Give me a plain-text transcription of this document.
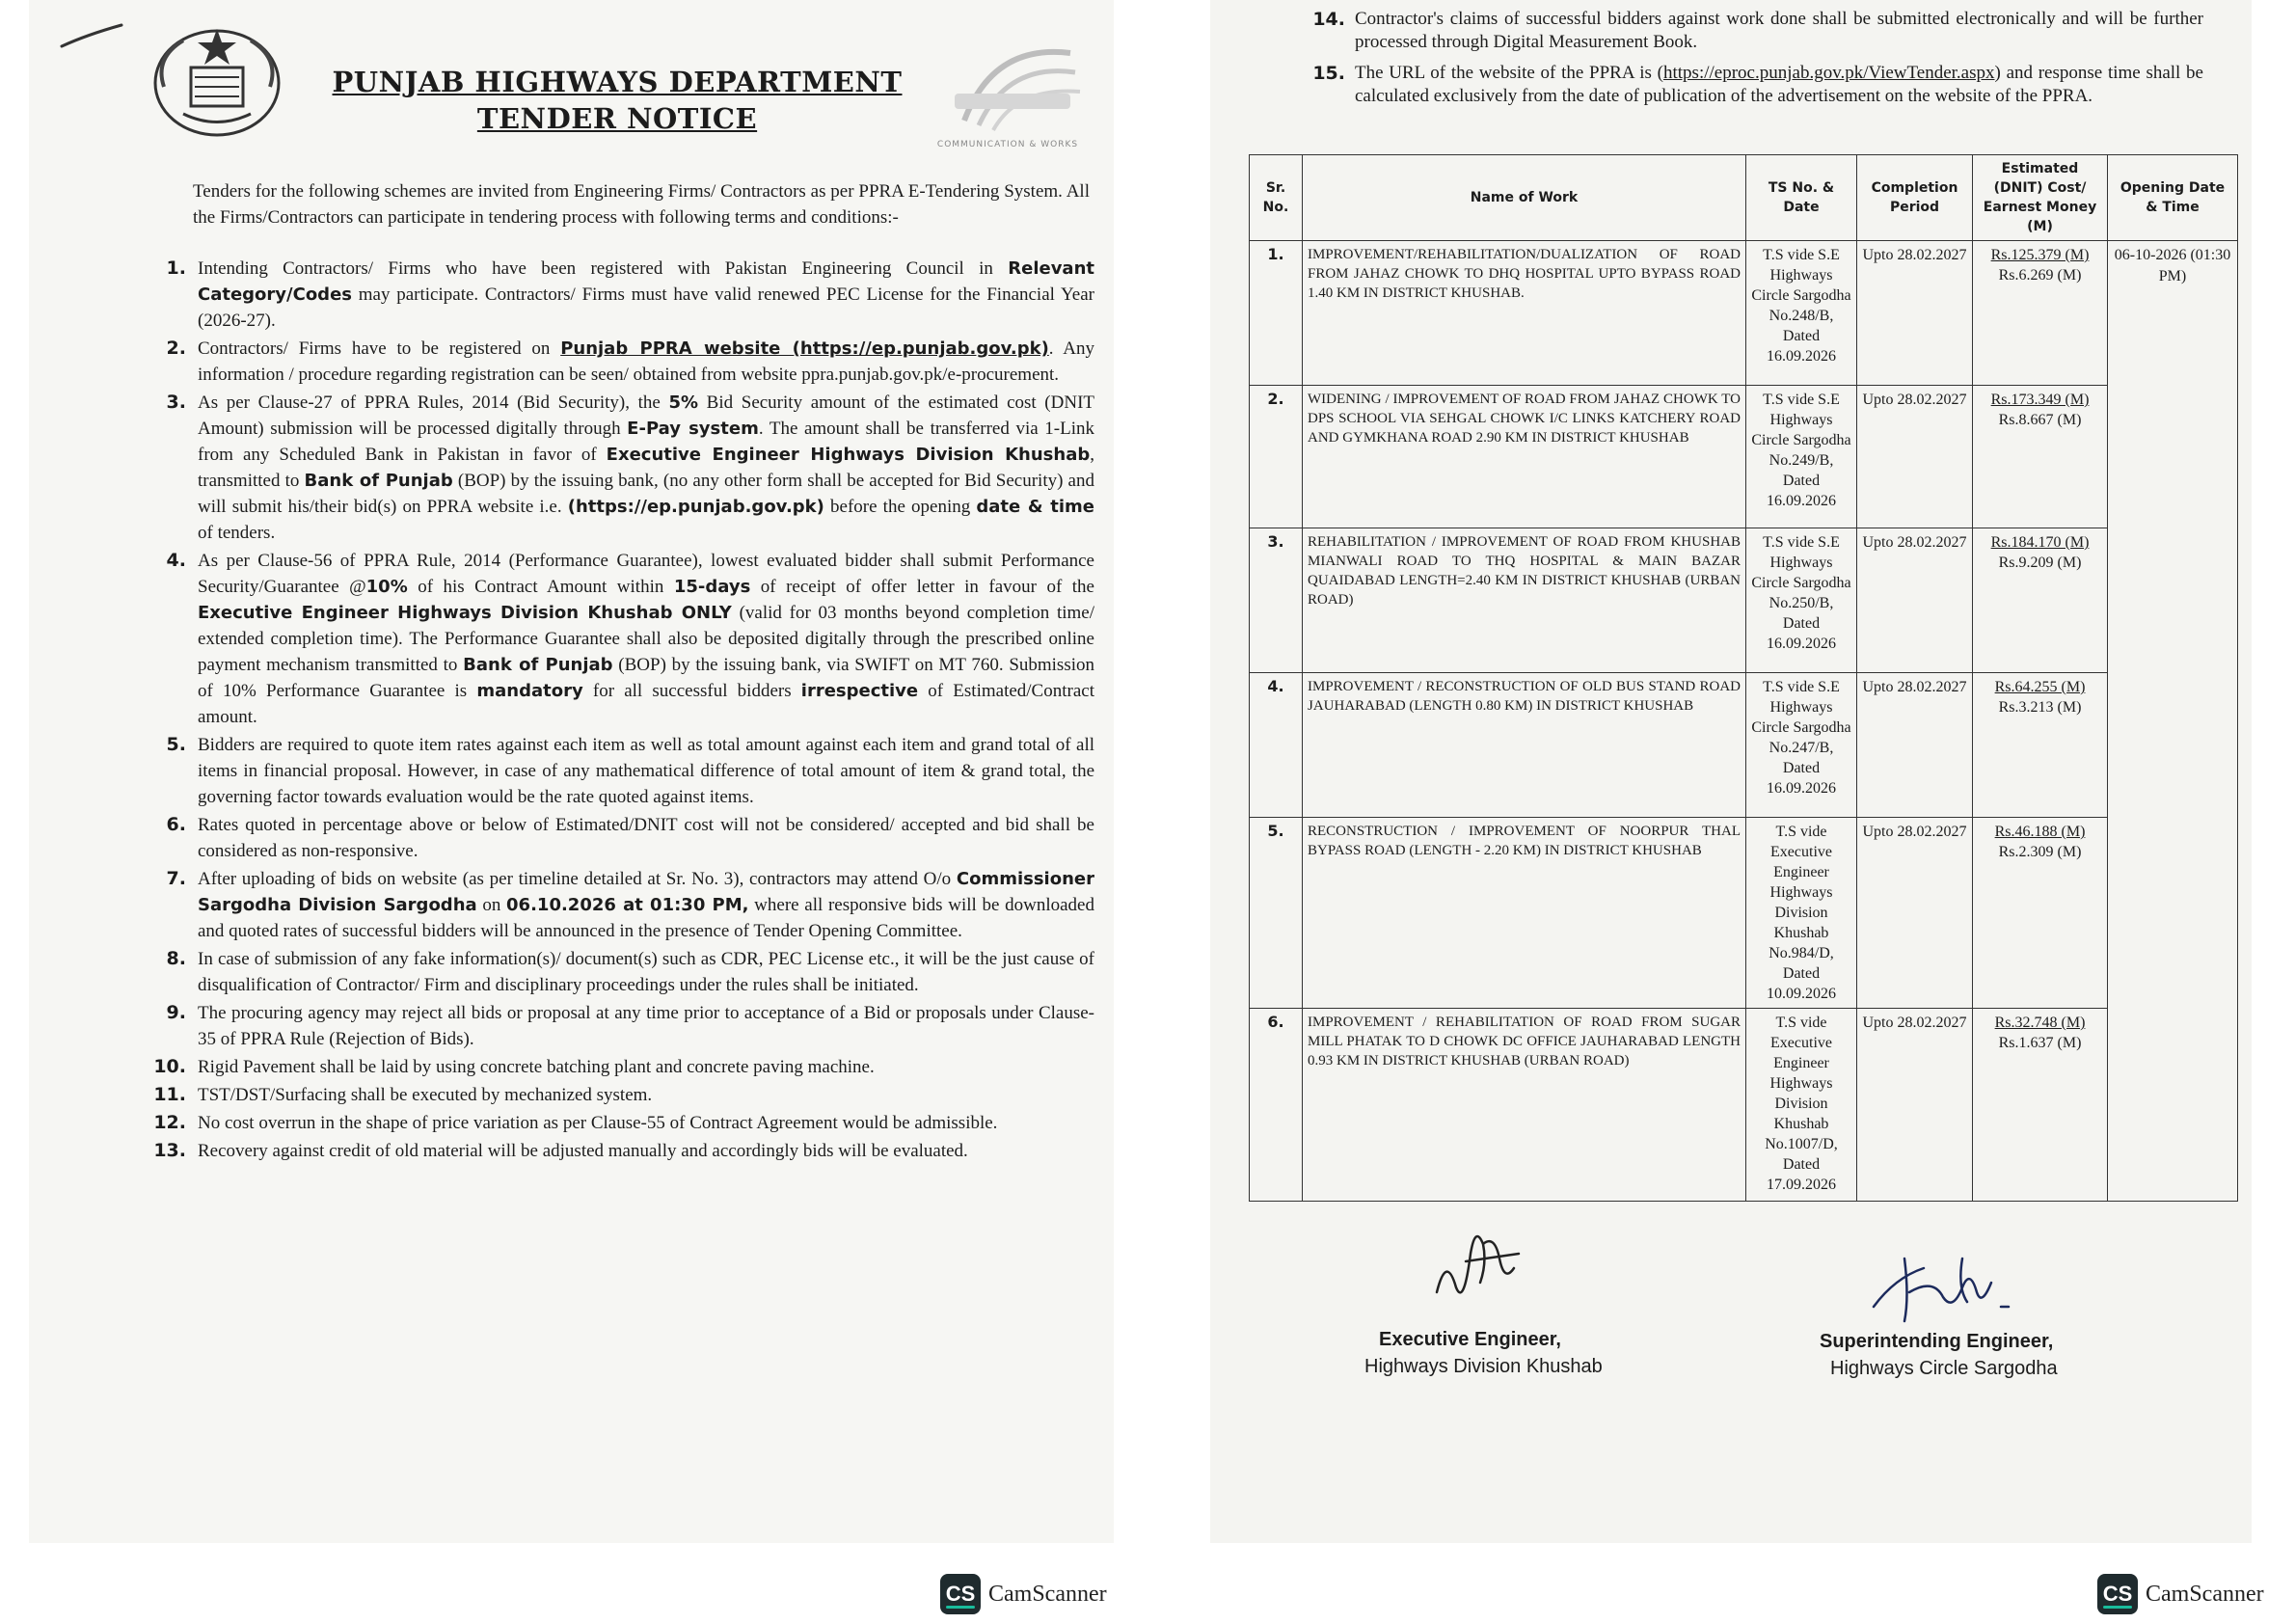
PUNJAB HIGHWAYS DEPARTMENT
TENDER NOTICE
COMMUNICATION & WORKS
Tenders for the following schemes are invited from Engineering Firms/ Contractors as per PPRA E-Tendering System. All the Firms/Contractors can participate in tendering process with following terms and conditions:-
1. Intending Contractors/ Firms who have been registered with Pakistan Engineering Council in Relevant Category/Codes may participate. Contractors/ Firms must have valid renewed PEC License for the Financial Year (2026-27).
2. Contractors/ Firms have to be registered on Punjab PPRA website (https://ep.punjab.gov.pk). Any information / procedure regarding registration can be seen/ obtained from website ppra.punjab.gov.pk/e-procurement.
3. As per Clause-27 of PPRA Rules, 2014 (Bid Security), the 5% Bid Security amount of the estimated cost (DNIT Amount) submission will be processed digitally through E-Pay system. The amount shall be transferred via 1-Link from any Scheduled Bank in Pakistan in favor of Executive Engineer Highways Division Khushab, transmitted to Bank of Punjab (BOP) by the issuing bank, (no any other form shall be accepted for Bid Security) and will submit his/their bid(s) on PPRA website i.e. (https://ep.punjab.gov.pk) before the opening date & time of tenders.
4. As per Clause-56 of PPRA Rule, 2014 (Performance Guarantee), lowest evaluated bidder shall submit Performance Security/Guarantee @10% of his Contract Amount within 15-days of receipt of offer letter in favour of the Executive Engineer Highways Division Khushab ONLY (valid for 03 months beyond completion time/ extended completion time). The Performance Guarantee shall also be deposited digitally through the prescribed online payment mechanism transmitted to Bank of Punjab (BOP) by the issuing bank, via SWIFT on MT 760. Submission of 10% Performance Guarantee is mandatory for all successful bidders irrespective of Estimated/Contract amount.
5. Bidders are required to quote item rates against each item as well as total amount against each item and grand total of all items in financial proposal. However, in case of any mathematical difference of total amount of item & grand total, the governing factor towards evaluation would be the rate quoted against items.
6. Rates quoted in percentage above or below of Estimated/DNIT cost will not be considered/ accepted and bid shall be considered as non-responsive.
7. After uploading of bids on website (as per timeline detailed at Sr. No. 3), contractors may attend O/o Commissioner Sargodha Division Sargodha on 06.10.2026 at 01:30 PM, where all responsive bids will be downloaded and quoted rates of successful bidders will be announced in the presence of Tender Opening Committee.
8. In case of submission of any fake information(s)/ document(s) such as CDR, PEC License etc., it will be the just cause of disqualification of Contractor/ Firm and disciplinary proceedings under the rules shall be initiated.
9. The procuring agency may reject all bids or proposal at any time prior to acceptance of a Bid or proposals under Clause-35 of PPRA Rule (Rejection of Bids).
10. Rigid Pavement shall be laid by using concrete batching plant and concrete paving machine.
11. TST/DST/Surfacing shall be executed by mechanized system.
12. No cost overrun in the shape of price variation as per Clause-55 of Contract Agreement would be admissible.
13. Recovery against credit of old material will be adjusted manually and accordingly bids will be evaluated.
14. Contractor's claims of successful bidders against work done shall be submitted electronically and will be further processed through Digital Measurement Book.
15. The URL of the website of the PPRA is (https://eproc.punjab.gov.pk/ViewTender.aspx) and response time shall be calculated exclusively from the date of publication of the advertisement on the website of the PPRA.
Sr. No.	Name of Work	TS No. & Date	Completion Period	Estimated (DNIT) Cost/ Earnest Money (M)	Opening Date & Time
1.	IMPROVEMENT/REHABILITATION/DUALIZATION OF ROAD FROM JAHAZ CHOWK TO DHQ HOSPITAL UPTO BYPASS ROAD 1.40 KM IN DISTRICT KHUSHAB.	T.S vide S.E Highways Circle Sargodha No.248/B, Dated 16.09.2026	Upto 28.02.2027	Rs.125.379 (M)
Rs.6.269 (M)	06-10-2026 (01:30 PM)
2.	WIDENING / IMPROVEMENT OF ROAD FROM JAHAZ CHOWK TO DPS SCHOOL VIA SEHGAL CHOWK I/C LINKS KATCHERY ROAD AND GYMKHANA ROAD 2.90 KM IN DISTRICT KHUSHAB	T.S vide S.E Highways Circle Sargodha No.249/B, Dated 16.09.2026	Upto 28.02.2027	Rs.173.349 (M)
Rs.8.667 (M)	
3.	REHABILITATION / IMPROVEMENT OF ROAD FROM KHUSHAB MIANWALI ROAD TO THQ HOSPITAL & MAIN BAZAR QUAIDABAD LENGTH=2.40 KM IN DISTRICT KHUSHAB (URBAN ROAD)	T.S vide S.E Highways Circle Sargodha No.250/B, Dated 16.09.2026	Upto 28.02.2027	Rs.184.170 (M)
Rs.9.209 (M)	
4.	IMPROVEMENT / RECONSTRUCTION OF OLD BUS STAND ROAD JAUHARABAD (LENGTH 0.80 KM) IN DISTRICT KHUSHAB	T.S vide S.E Highways Circle Sargodha No.247/B, Dated 16.09.2026	Upto 28.02.2027	Rs.64.255 (M)
Rs.3.213 (M)	
5.	RECONSTRUCTION / IMPROVEMENT OF NOORPUR THAL BYPASS ROAD (LENGTH - 2.20 KM) IN DISTRICT KHUSHAB	T.S vide Executive Engineer Highways Division Khushab No.984/D, Dated 10.09.2026	Upto 28.02.2027	Rs.46.188 (M)
Rs.2.309 (M)	
6.	IMPROVEMENT / REHABILITATION OF ROAD FROM SUGAR MILL PHATAK TO D CHOWK DC OFFICE JAUHARABAD LENGTH 0.93 KM IN DISTRICT KHUSHAB (URBAN ROAD)	T.S vide Executive Engineer Highways Division Khushab No.1007/D, Dated 17.09.2026	Upto 28.02.2027	Rs.32.748 (M)
Rs.1.637 (M)	
Executive Engineer,
Highways Division Khushab
Superintending Engineer,
Highways Circle Sargodha
CS CamScanner	CS CamScanner
